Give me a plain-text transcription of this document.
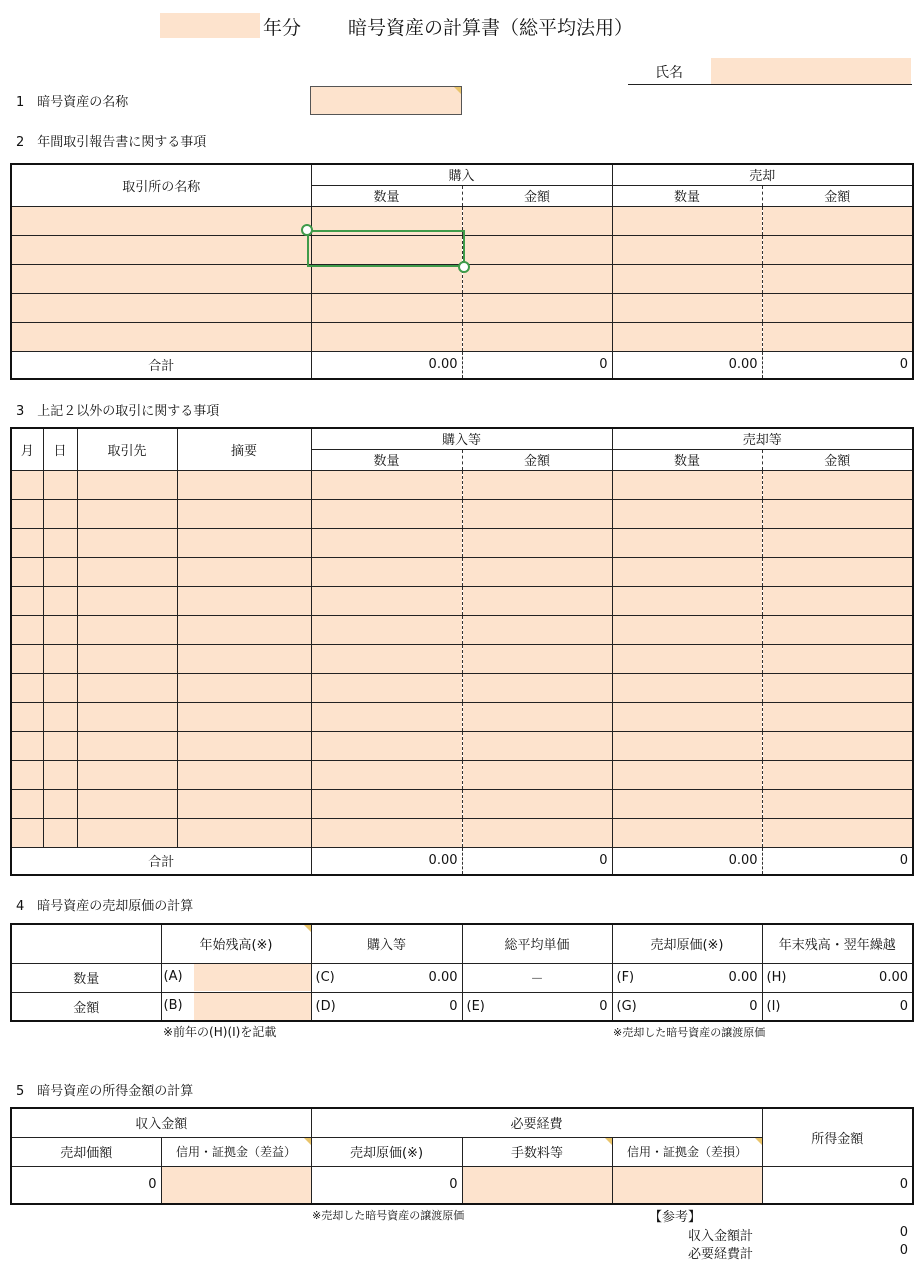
年分 暗号資産の計算書（総平均法用）
氏名
1　暗号資産の名称
2　年間取引報告書に関する事項
取引所の名称	購入		売却	
	数量	金額	数量	金額

合計	0.00	0	0.00	0
3　上記２以外の取引に関する事項
月	日	取引先	摘要	購入等		売却等	
				数量	金額	数量	金額

合計				0.00	0	0.00	0
4　暗号資産の売却原価の計算
	年始残高(※)	購入等	総平均単価	売却原価(※)	年末残高・翌年繰越
数量	(A)	(C) 0.00	－	(F) 0.00	(H) 0.00

金額	(B)	(D) 0	(E) 0	(G) 0	(I) 0
※前年の(H)(I)を記載	※売却した暗号資産の譲渡原価
5　暗号資産の所得金額の計算
収入金額		必要経費			所得金額
売却価額	信用・証拠金（差益）	売却原価(※)	手数料等	信用・証拠金（差損）	
0		0			0
※売却した暗号資産の譲渡原価	【参考】
収入金額計	0
必要経費計	0
